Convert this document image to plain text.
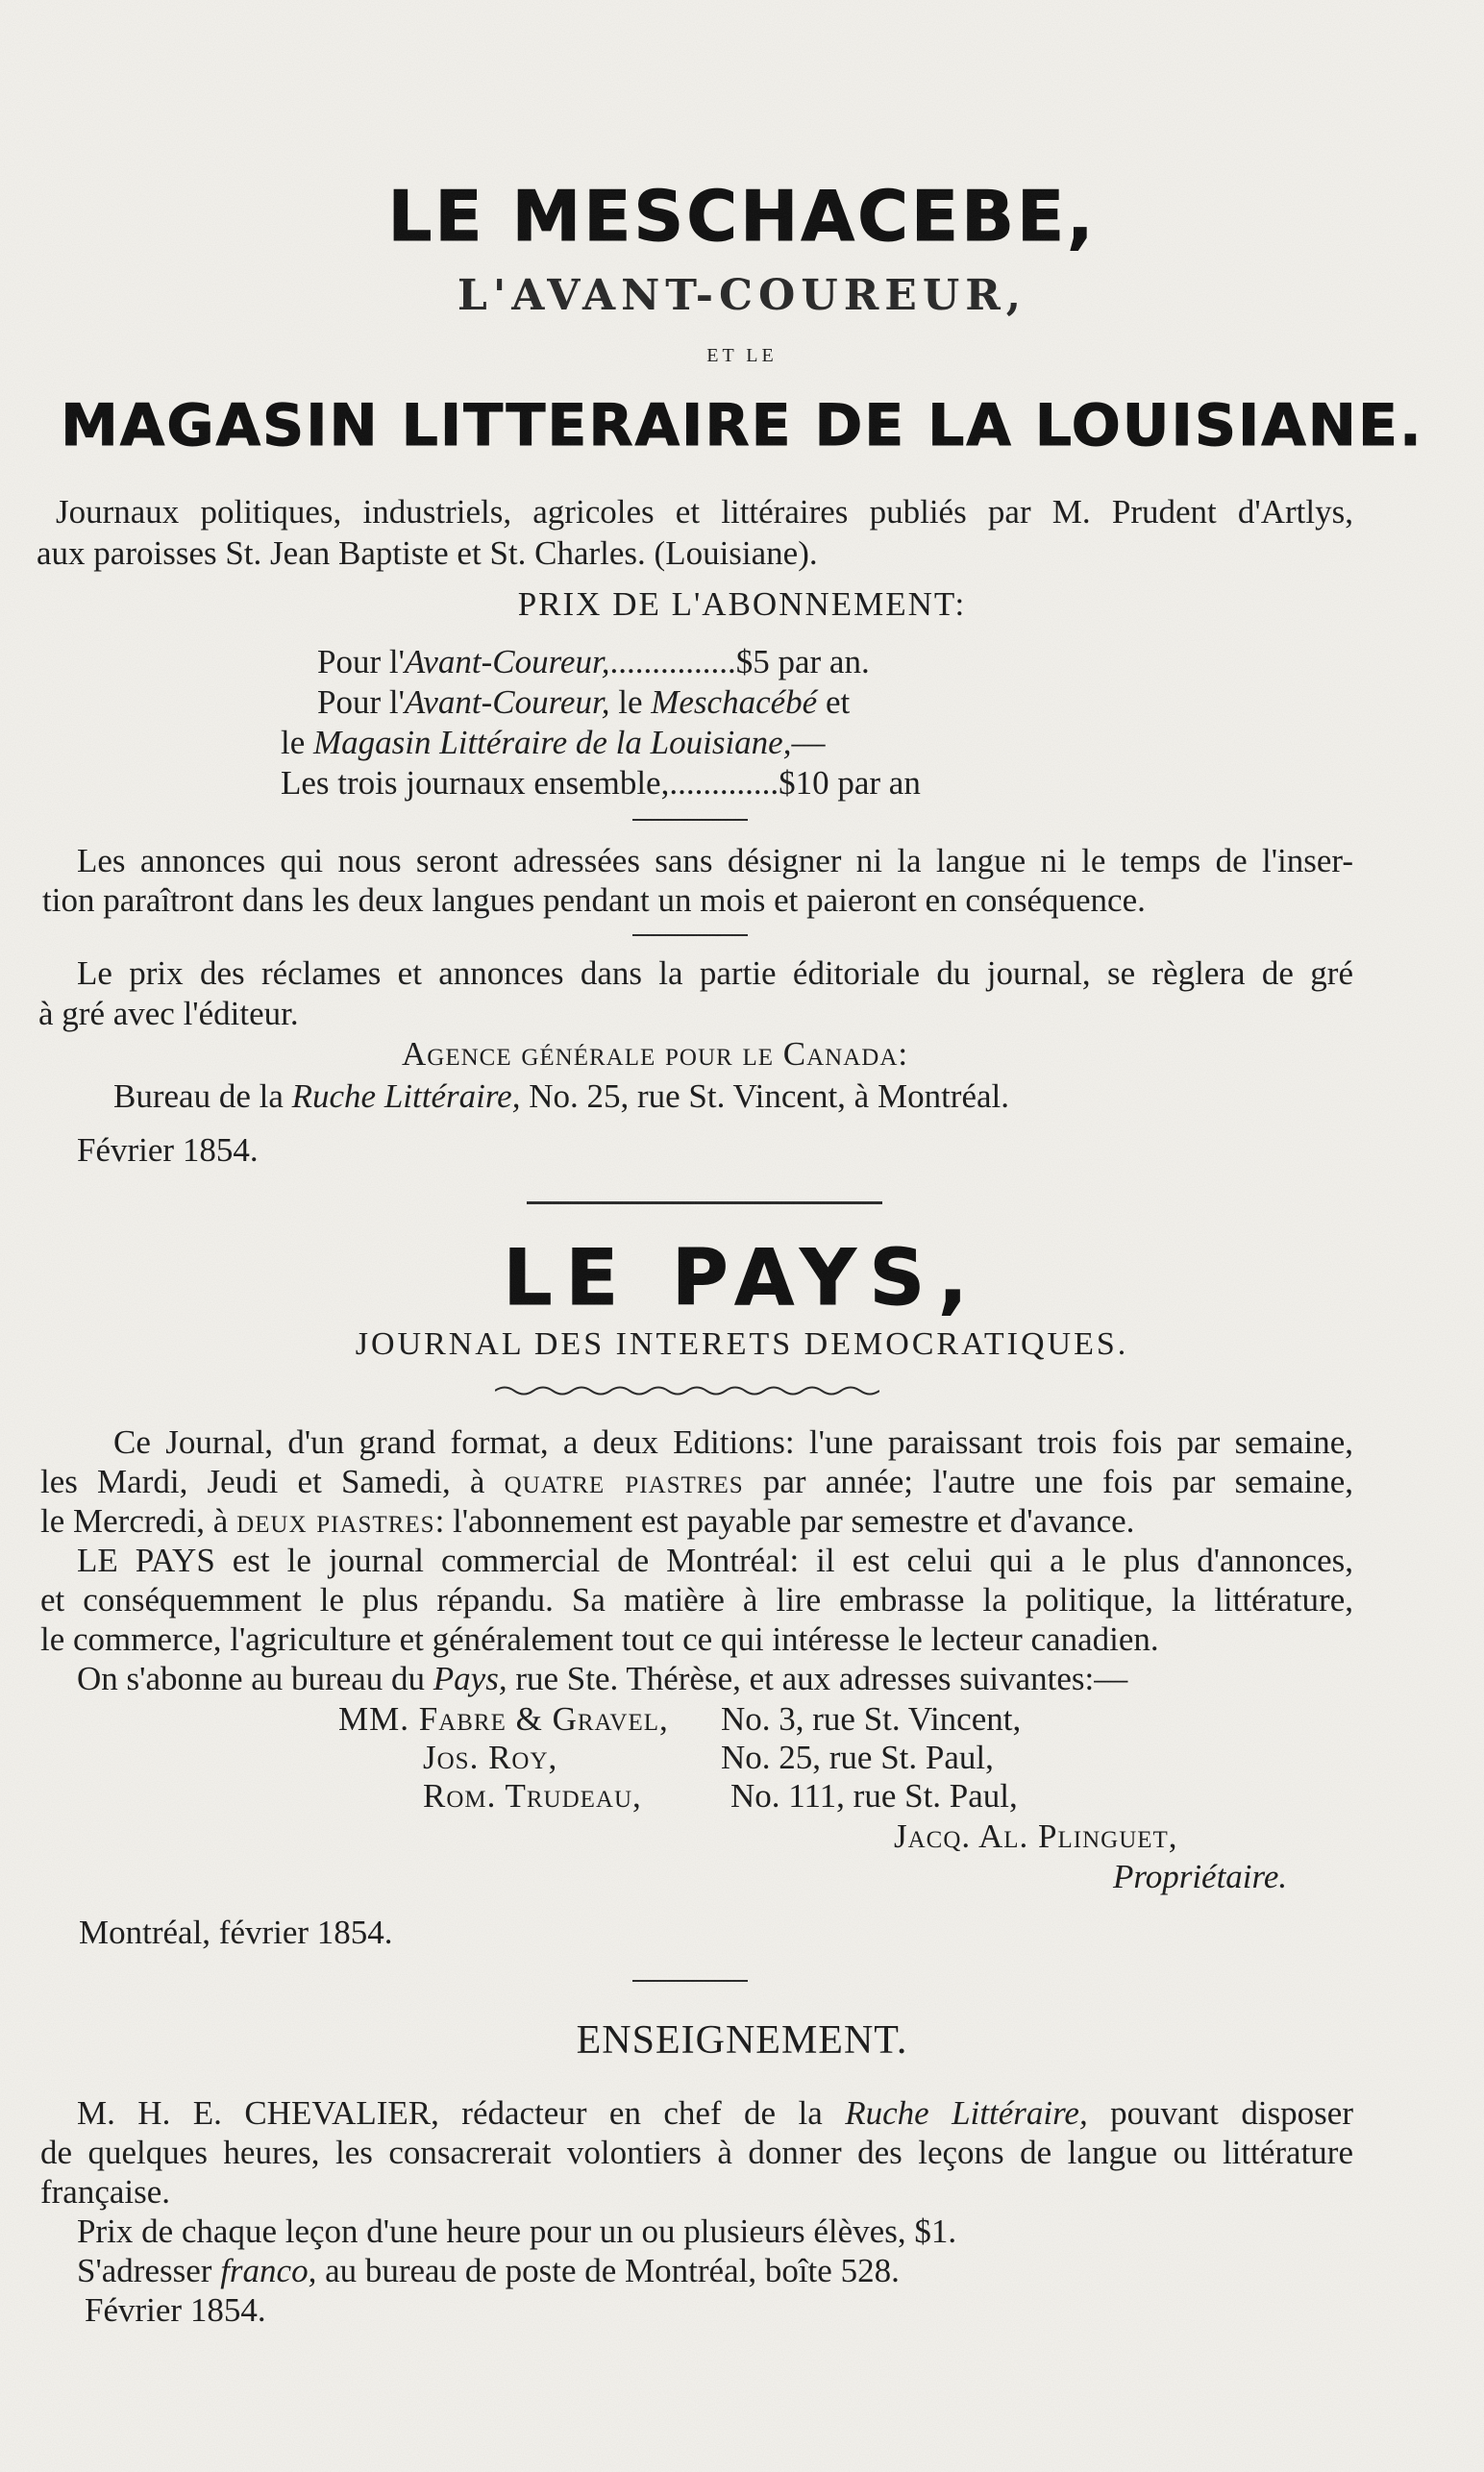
LE MESCHACEBE,
L'AVANT-COUREUR,
ET LE
MAGASIN LITTERAIRE DE LA LOUISIANE.
Journaux politiques, industriels, agricoles et littéraires publiés par M. Prudent d'Artlys,
aux paroisses St. Jean Baptiste et St. Charles. (Louisiane).
PRIX DE L'ABONNEMENT:
Pour l'Avant-Coureur,...............$5 par an.
Pour l'Avant-Coureur, le Meschacébé et
le Magasin Littéraire de la Louisiane,—
Les trois journaux ensemble,.............$10 par an
Les annonces qui nous seront adressées sans désigner ni la langue ni le temps de l'inser-
tion paraîtront dans les deux langues pendant un mois et paieront en conséquence.
Le prix des réclames et annonces dans la partie éditoriale du journal, se règlera de gré
à gré avec l'éditeur.
Agence générale pour le Canada:
Bureau de la Ruche Littéraire, No. 25, rue St. Vincent, à Montréal.
Février 1854.
LE PAYS,
JOURNAL DES INTERETS DEMOCRATIQUES.
Ce Journal, d'un grand format, a deux Editions: l'une paraissant trois fois par semaine,
les Mardi, Jeudi et Samedi, à quatre piastres par année; l'autre une fois par semaine,
le Mercredi, à deux piastres: l'abonnement est payable par semestre et d'avance.
LE PAYS est le journal commercial de Montréal: il est celui qui a le plus d'annonces,
et conséquemment le plus répandu. Sa matière à lire embrasse la politique, la littérature,
le commerce, l'agriculture et généralement tout ce qui intéresse le lecteur canadien.
On s'abonne au bureau du Pays, rue Ste. Thérèse, et aux adresses suivantes:—
MM. Fabre & Gravel, No. 3, rue St. Vincent,
Jos. Roy,	No. 25, rue St. Paul,
Rom. Trudeau,	No. 111, rue St. Paul,
Jacq. Al. Plinguet,
Propriétaire.
Montréal, février 1854.
ENSEIGNEMENT.
M. H. E. CHEVALIER, rédacteur en chef de la Ruche Littéraire, pouvant disposer
de quelques heures, les consacrerait volontiers à donner des leçons de langue ou littérature
française.
Prix de chaque leçon d'une heure pour un ou plusieurs élèves, $1.
S'adresser franco, au bureau de poste de Montréal, boîte 528.
Février 1854.
